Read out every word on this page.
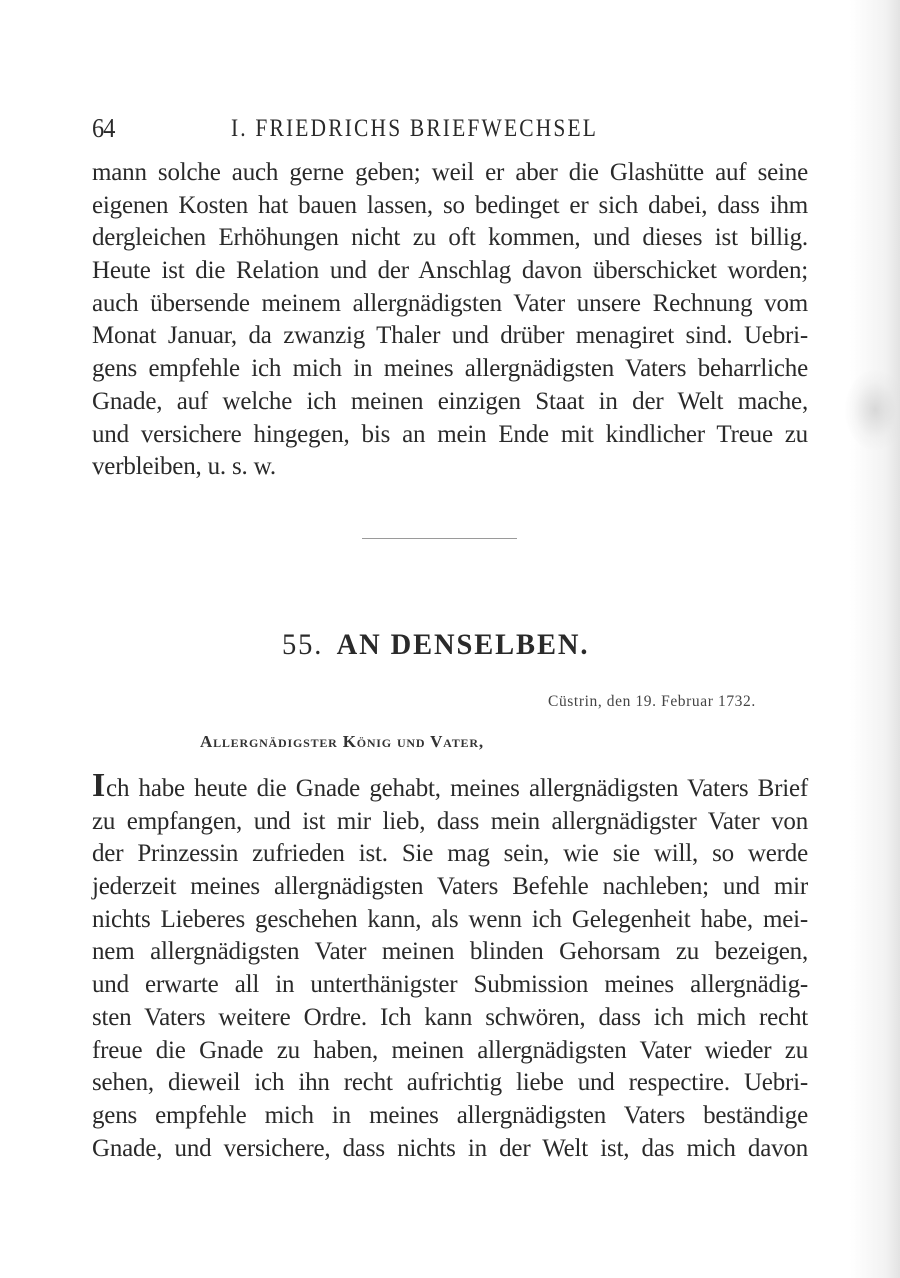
64	I. FRIEDRICHS BRIEFWECHSEL
mann solche auch gerne geben; weil er aber die Glashütte auf seine
eigenen Kosten hat bauen lassen, so bedinget er sich dabei, dass ihm
dergleichen Erhöhungen nicht zu oft kommen, und dieses ist billig.
Heute ist die Relation und der Anschlag davon überschicket worden;
auch übersende meinem allergnädigsten Vater unsere Rechnung vom
Monat Januar, da zwanzig Thaler und drüber menagiret sind. Uebri-
gens empfehle ich mich in meines allergnädigsten Vaters beharrliche
Gnade, auf welche ich meinen einzigen Staat in der Welt mache,
und versichere hingegen, bis an mein Ende mit kindlicher Treue zu
verbleiben, u. s. w.
55. AN DENSELBEN.
Cüstrin, den 19. Februar 1732.
Allergnädigster König und Vater,
Ich habe heute die Gnade gehabt, meines allergnädigsten Vaters Brief
zu empfangen, und ist mir lieb, dass mein allergnädigster Vater von
der Prinzessin zufrieden ist. Sie mag sein, wie sie will, so werde
jederzeit meines allergnädigsten Vaters Befehle nachleben; und mir
nichts Lieberes geschehen kann, als wenn ich Gelegenheit habe, mei-
nem allergnädigsten Vater meinen blinden Gehorsam zu bezeigen,
und erwarte all in unterthänigster Submission meines allergnädig-
sten Vaters weitere Ordre. Ich kann schwören, dass ich mich recht
freue die Gnade zu haben, meinen allergnädigsten Vater wieder zu
sehen, dieweil ich ihn recht aufrichtig liebe und respectire. Uebri-
gens empfehle mich in meines allergnädigsten Vaters beständige
Gnade, und versichere, dass nichts in der Welt ist, das mich davon
